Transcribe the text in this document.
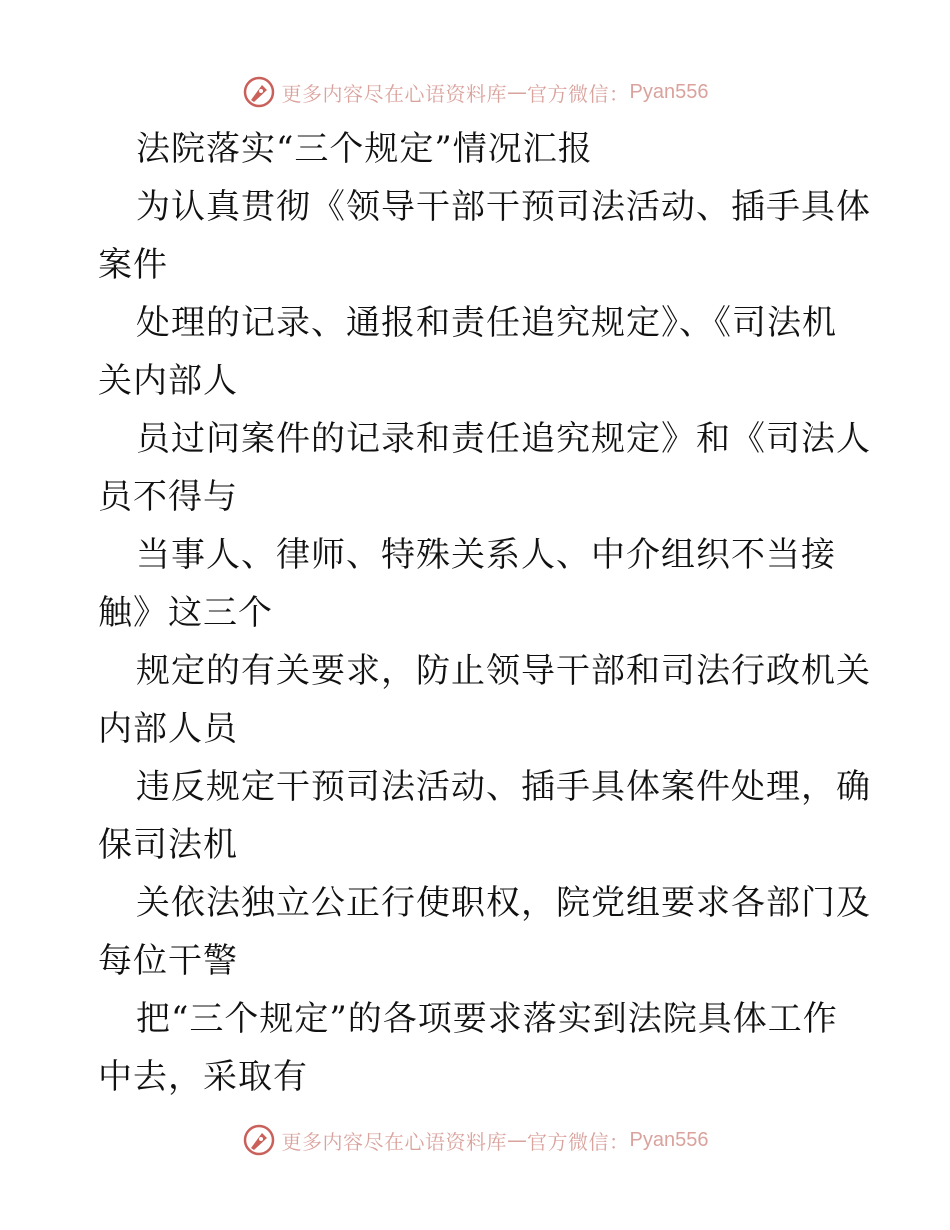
更多内容尽在心语资料库 — 官方微信： Pyan556
法院落实“三个规定”情况汇报
为认真贯彻《领导干部干预司法活动、插手具体
案件
处理的记录、通报和责任追究规定》、《司法机
关内部人
员过问案件的记录和责任追究规定》和《司法人
员不得与
当事人、律师、特殊关系人、中介组织不当接
触》这三个
规定的有关要求，防止领导干部和司法行政机关
内部人员
违反规定干预司法活动、插手具体案件处理，确
保司法机
关依法独立公正行使职权，院党组要求各部门及
每位干警
把“三个规定”的各项要求落实到法院具体工作
中去，采取有
更多内容尽在心语资料库 — 官方微信： Pyan556
